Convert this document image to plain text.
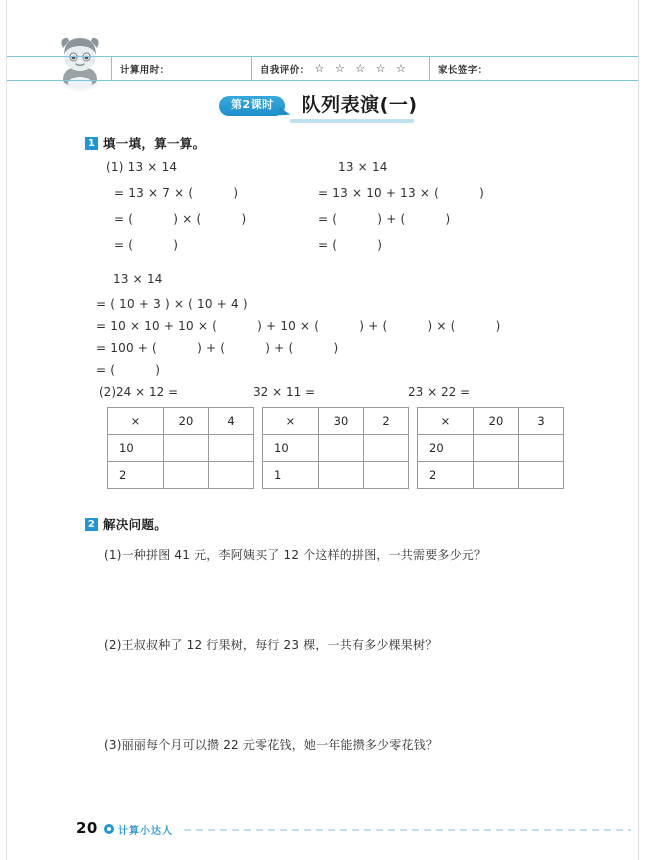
计算用时：	自我评价： ☆ ☆ ☆ ☆ ☆	家长签字：
第2课时	队列表演(一)
1 填一填，算一算。
(1) 13 × 14
= 13 × 7 × (          )
= (          ) × (          )
= (          )
13 × 14
= 13 × 10 + 13 × (          )
= (          ) + (          )
= (          )
13 × 14
= ( 10 + 3 ) × ( 10 + 4 )
= 10 × 10 + 10 × (          ) + 10 × (          ) + (          ) × (          )
= 100 + (          ) + (          ) + (          )
= (          )
(2)24 × 12 =	32 × 11 =	23 × 22 =
×	20	4
10		
2		
×	30	2
10		
1		
×	20	3
20		
2		
2 解决问题。
(1)一种拼图 41 元，李阿姨买了 12 个这样的拼图，一共需要多少元？
(2)王叔叔种了 12 行果树，每行 23 棵，一共有多少棵果树？
(3)丽丽每个月可以攒 22 元零花钱，她一年能攒多少零花钱？
20 计算小达人
